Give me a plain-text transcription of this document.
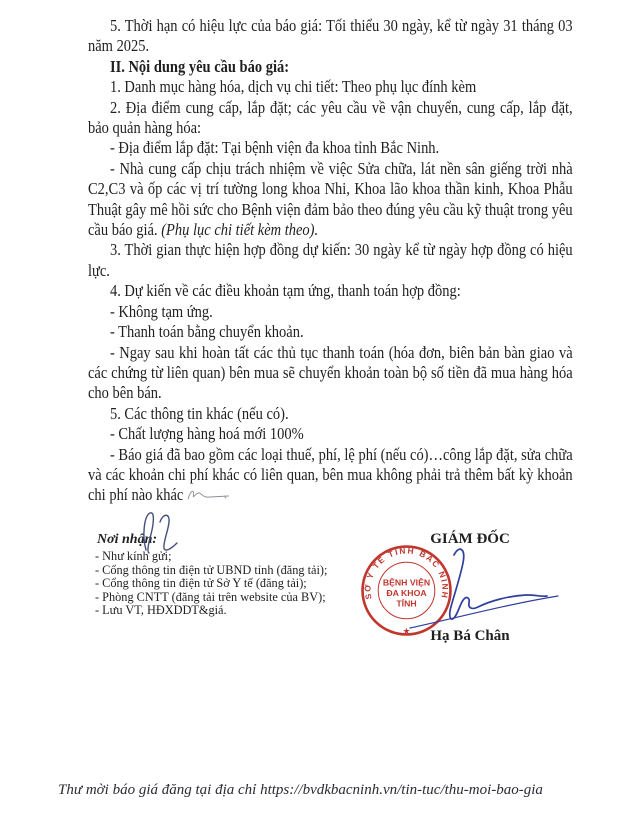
5. Thời hạn có hiệu lực của báo giá: Tối thiểu 30 ngày, kể từ ngày 31 tháng 03 năm 2025.

II. Nội dung yêu cầu báo giá:

1. Danh mục hàng hóa, dịch vụ chi tiết: Theo phụ lục đính kèm

2. Địa điểm cung cấp, lắp đặt; các yêu cầu về vận chuyển, cung cấp, lắp đặt, bảo quản hàng hóa:

- Địa điểm lắp đặt: Tại bệnh viện đa khoa tỉnh Bắc Ninh.

- Nhà cung cấp chịu trách nhiệm về việc Sửa chữa, lát nền sân giếng trời nhà C2,C3 và ốp các vị trí tường long khoa Nhi, Khoa lão khoa thần kinh, Khoa Phẫu Thuật gây mê hồi sức cho Bệnh viện đảm bảo theo đúng yêu cầu kỹ thuật trong yêu cầu báo giá. (Phụ lục chi tiết kèm theo).

3. Thời gian thực hiện hợp đồng dự kiến: 30 ngày kể từ ngày hợp đồng có hiệu lực.

4. Dự kiến về các điều khoản tạm ứng, thanh toán hợp đồng:

- Không tạm ứng.

- Thanh toán bằng chuyển khoản.

- Ngay sau khi hoàn tất các thủ tục thanh toán (hóa đơn, biên bản bàn giao và các chứng từ liên quan) bên mua sẽ chuyển khoản toàn bộ số tiền đã mua hàng hóa cho bên bán.

5. Các thông tin khác (nếu có).

- Chất lượng hàng hoá mới 100%

- Báo giá đã bao gồm các loại thuế, phí, lệ phí (nếu có)…công lắp đặt, sửa chữa và các khoản chi phí khác có liên quan, bên mua không phải trả thêm bất kỳ khoản chi phí nào khác

Nơi nhận:

- Như kính gửi;
- Cổng thông tin điện tử UBND tỉnh (đăng tải);
- Cổng thông tin điện tử Sở Y tế (đăng tải);
- Phòng CNTT (đăng tải trên website của BV);
- Lưu VT, HĐXDDT&giá.
GIÁM ĐỐC
SỞ Y TẾ TỈNH BẮC NINH
BỆNH VIỆN
ĐA KHOA
TỈNH
★	Hạ Bá Chân
Thư mời báo giá đăng tại địa chỉ https://bvdkbacninh.vn/tin-tuc/thu-moi-bao-gia
